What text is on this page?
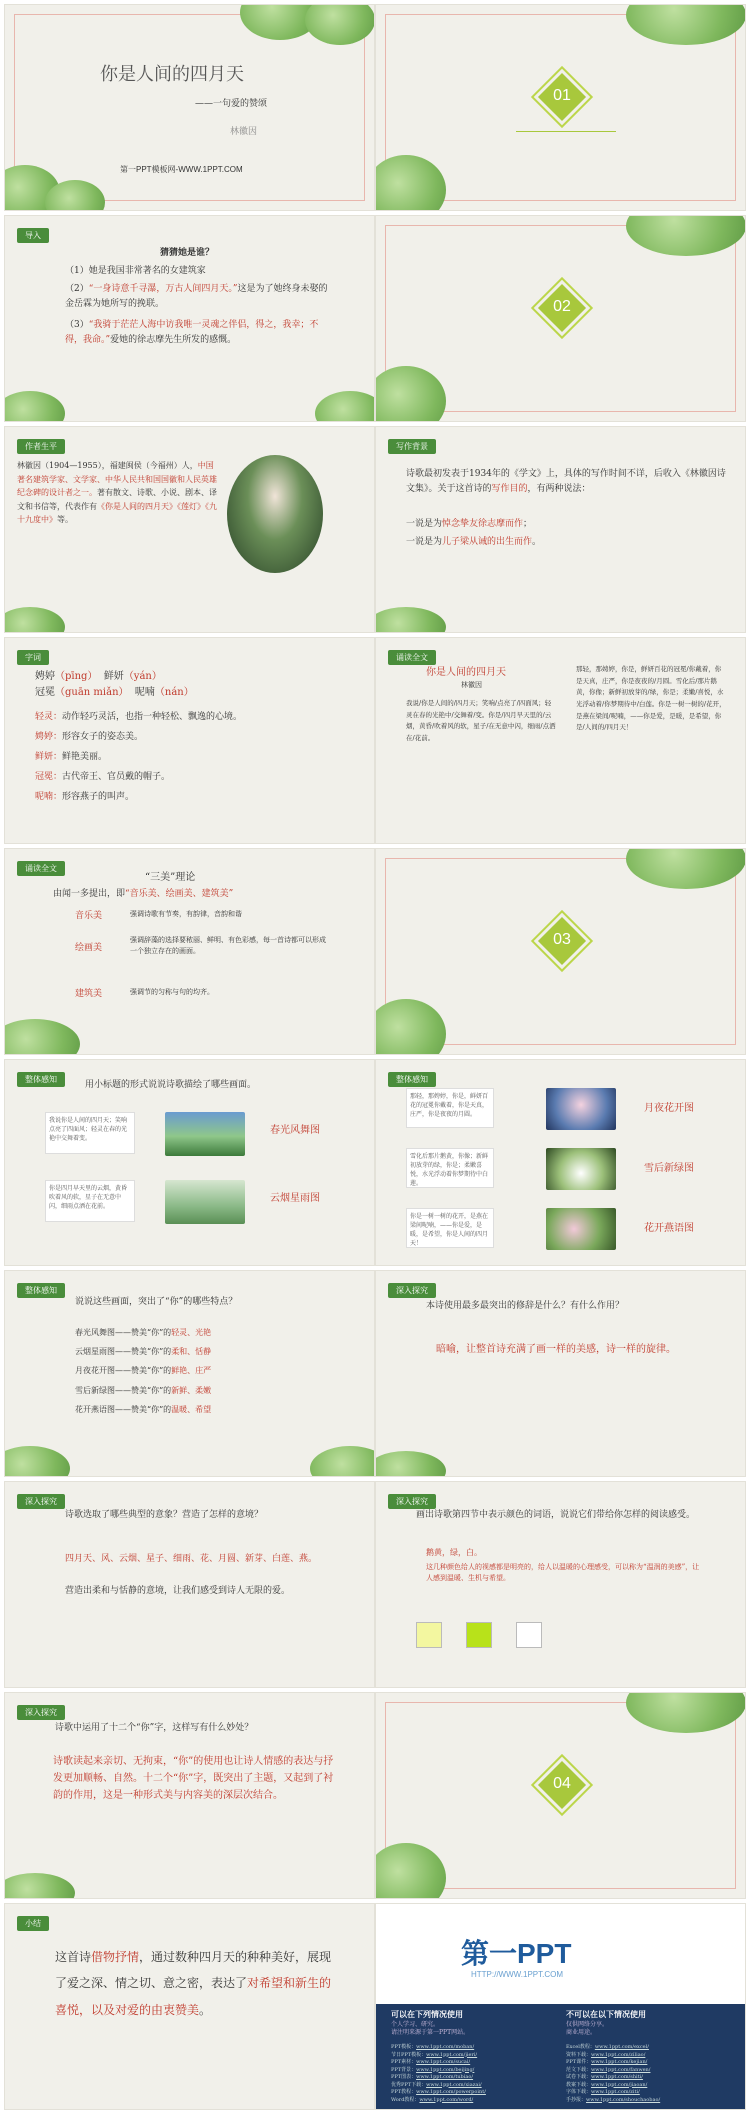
你是人间的四月天
——一句爱的赞颂
林徽因
第一PPT模板网-WWW.1PPT.COM
01
导入
猜猜她是谁？
（1）她是我国非常著名的女建筑家
（2）“一身诗意千寻瀑，万古人间四月天。”这是为了她终身未娶的金岳霖为她所写的挽联。
（3）“我骑于茫茫人海中访我唯一灵魂之伴侣，得之，我幸；不得，我命。”爱她的徐志摩先生所发的感慨。
02
作者生平
林徽因（1904—1955），福建闽侯（今福州）人，中国著名建筑学家、文学家、中华人民共和国国徽和人民英雄纪念碑的设计者之一。著有散文、诗歌、小说、剧本、译文和书信等，代表作有《你是人间的四月天》《莲灯》《九十九度中》等。
写作背景
诗歌最初发表于1934年的《学文》上，具体的写作时间不详，后收入《林徽因诗文集》。关于这首诗的写作目的，有两种说法：
一说是为悼念挚友徐志摩而作；
一说是为儿子梁从诫的出生而作。
字词
娉婷（pīng） 鲜妍（yán）
冠冕（guān miǎn） 呢喃（nán）
轻灵：动作轻巧灵活，也指一种轻松、飘逸的心境。
娉婷：形容女子的姿态美。
鲜妍：鲜艳美丽。
冠冕：古代帝王、官员戴的帽子。
呢喃：形容燕子的叫声。
诵读全文
你是人间的四月天
林徽因
我说/你是人间的/四月天；笑响/点亮了/四面风；轻灵在春的光艳中/交舞着/变。你是/四月早天里的/云烟，黄昏/吹着风的软，星子/在无意中闪，细雨/点洒在/花前。
那轻，那娉婷，你是，鲜妍百花的冠冕/你戴着，你是天真，庄严，你是夜夜的/月圆。雪化后/那片鹅黄，你像；新鲜初放芽的/绿，你是；柔嫩/喜悦，水光浮动着/你梦期待中/白莲。你是一树一树的/花开，是燕在梁间/呢喃，——你是爱，是暖，是希望，你是/人间的/四月天！
诵读全文
“三美”理论
由闻一多提出，即“音乐美、绘画美、建筑美”
音乐美	强调诗歌有节奏，有韵律，音韵和谐
绘画美
强调辞藻的选择要秾丽、鲜明、有色彩感，每一首诗都可以形成一个独立存在的画面。
建筑美	强调节的匀称与句的均齐。
03
整体感知
用小标题的形式说说诗歌描绘了哪些画面。
我说你是人间的四月天；笑响点亮了四面风；轻灵在春的光艳中交舞着变。
春光风舞图
你是四月早天里的云烟，黄昏吹着风的软，星子在无意中闪，细雨点洒在花前。
云烟星雨图
整体感知
那轻，那娉婷，你是，鲜妍百花的冠冕你戴着，你是天真，庄严，你是夜夜的月圆。
月夜花开图
雪化后那片鹅黄，你像；新鲜初放芽的绿，你是；柔嫩喜悦，水光浮动着你梦期待中白莲。
雪后新绿图
你是一树一树的花开，是燕在梁间呢喃，——你是爱，是暖，是希望，你是人间的四月天！
花开燕语图
整体感知
说说这些画面，突出了“你”的哪些特点？
春光风舞图——赞美“你”的轻灵、光艳
云烟星雨图——赞美“你”的柔和、恬静
月夜花开图——赞美“你”的鲜艳、庄严
雪后新绿图——赞美“你”的新鲜、柔嫩
花开燕语图——赞美“你”的温暖、希望
深入探究
本诗使用最多最突出的修辞是什么？有什么作用？
暗喻，让整首诗充满了画一样的美感，诗一样的旋律。
深入探究
诗歌选取了哪些典型的意象？营造了怎样的意境？
四月天、风、云烟、星子、细雨、花、月圆、新芽、白莲、燕。
营造出柔和与恬静的意境，让我们感受到诗人无限的爱。
深入探究
画出诗歌第四节中表示颜色的词语，说说它们带给你怎样的阅读感受。
鹅黄，绿，白。
这几种颜色给人的视感都是明亮的，给人以温暖的心理感受，可以称为“温润的美感”，让人感到温暖、生机与希望。
深入探究
诗歌中运用了十二个“你”字，这样写有什么妙处？
诗歌读起来亲切、无拘束，“你”的使用也让诗人情感的表达与抒发更加顺畅、自然。十二个“你”字，既突出了主题，又起到了衬韵的作用，这是一种形式美与内容美的深层次结合。
04
小结
这首诗借物抒情，通过数种四月天的种种美好，展现了爱之深、情之切、意之密，表达了对希望和新生的喜悦，以及对爱的由衷赞美。
第一PPT
HTTP://WWW.1PPT.COM
可以在下列情况使用
个人学习、研究。
请注明来源于第一PPT网站。
不可以在以下情况使用
仅供网络分享。
商业用途。
PPT模板：www.1ppt.com/moban/
节日PPT模板：www.1ppt.com/jieri/
PPT素材：www.1ppt.com/sucai/
PPT背景：www.1ppt.com/beijing/
PPT图表：www.1ppt.com/tubiao/
优秀PPT下载：www.1ppt.com/xiazai/
PPT教程：www.1ppt.com/powerpoint/
Word教程：www.1ppt.com/word/
Excel教程：www.1ppt.com/excel/
资料下载：www.1ppt.com/ziliao/
PPT课件：www.1ppt.com/kejian/
范文下载：www.1ppt.com/fanwen/
试卷下载：www.1ppt.com/shiti/
教案下载：www.1ppt.com/jiaoan/
字体下载：www.1ppt.com/ziti/
手抄报：www.1ppt.com/shouchaobao/
